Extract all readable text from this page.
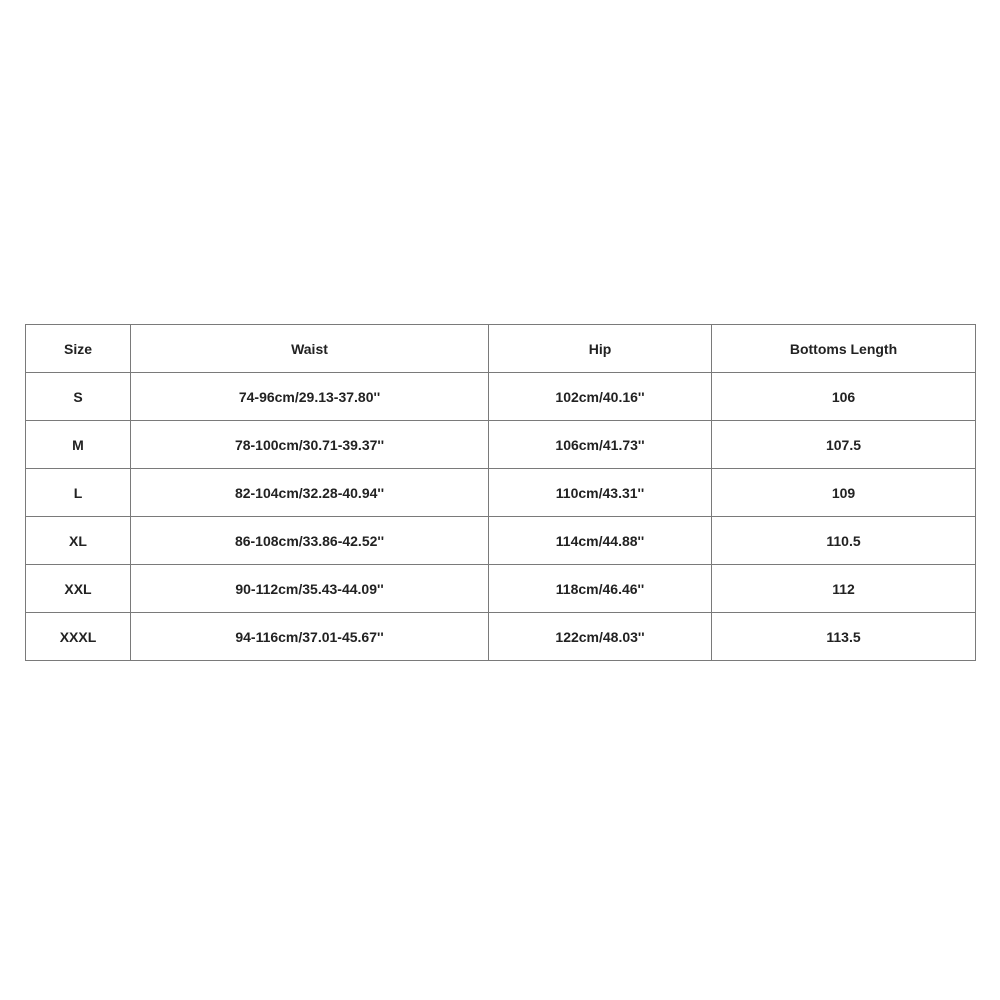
Size	Waist	Hip	Bottoms Length
S	74-96cm/29.13-37.80''	102cm/40.16''	106
M	78-100cm/30.71-39.37''	106cm/41.73''	107.5
L	82-104cm/32.28-40.94''	110cm/43.31''	109
XL	86-108cm/33.86-42.52''	114cm/44.88''	110.5
XXL	90-112cm/35.43-44.09''	118cm/46.46''	112
XXXL	94-116cm/37.01-45.67''	122cm/48.03''	113.5
